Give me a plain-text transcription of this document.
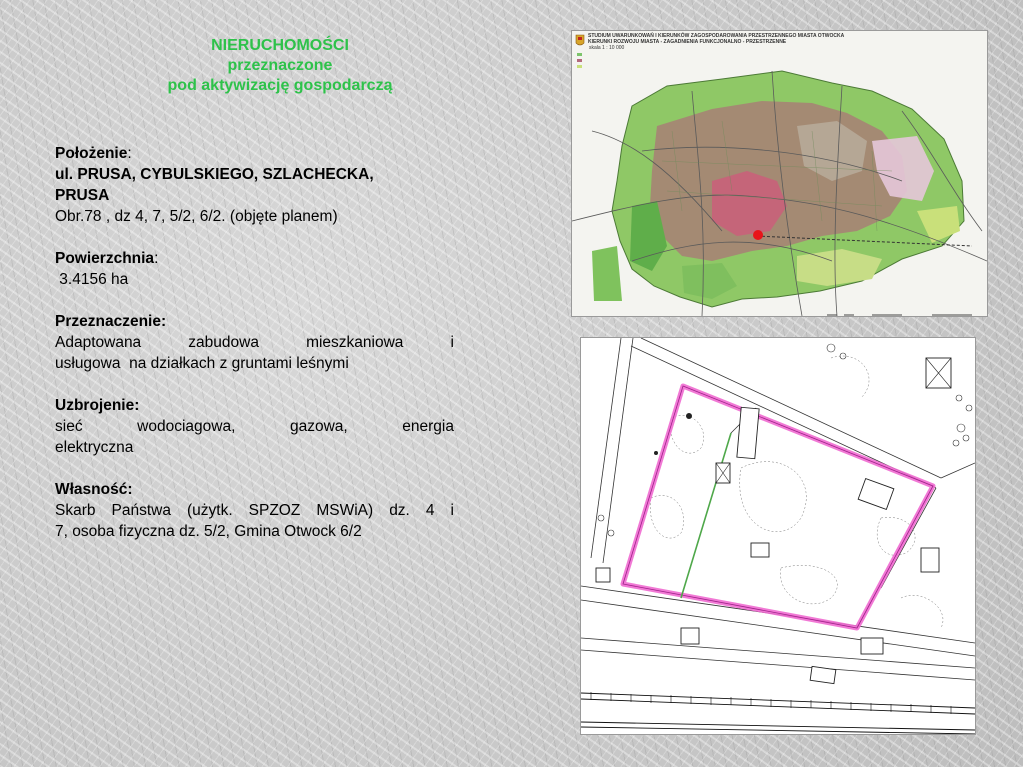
NIERUCHOMOŚCI
przeznaczone
pod aktywizację gospodarczą
Położenie:
ul. PRUSA, CYBULSKIEGO, SZLACHECKA,
PRUSA
Obr.78 , dz 4, 7, 5/2, 6/2. (objęte planem)
Powierzchnia:
3.4156 ha
Przeznaczenie:
Adaptowana	zabudowa	mieszkaniowa	i
usługowa  na działkach z gruntami leśnymi
Uzbrojenie:
sieć	wodociagowa,	gazowa,	energia
elektryczna
Własność:
Skarb Państwa (użytk. SPZOZ MSWiA) dz. 4 i
7, osoba fizyczna dz. 5/2, Gmina Otwock 6/2
STUDIUM UWARUNKOWAŃ I KIERUNKÓW ZAGOSPODAROWANIA PRZESTRZENNEGO MIASTA OTWOCKA
KIERUNKI ROZWOJU MIASTA - ZAGADNIENIA FUNKCJONALNO - PRZESTRZENNE
skala 1 : 10 000
